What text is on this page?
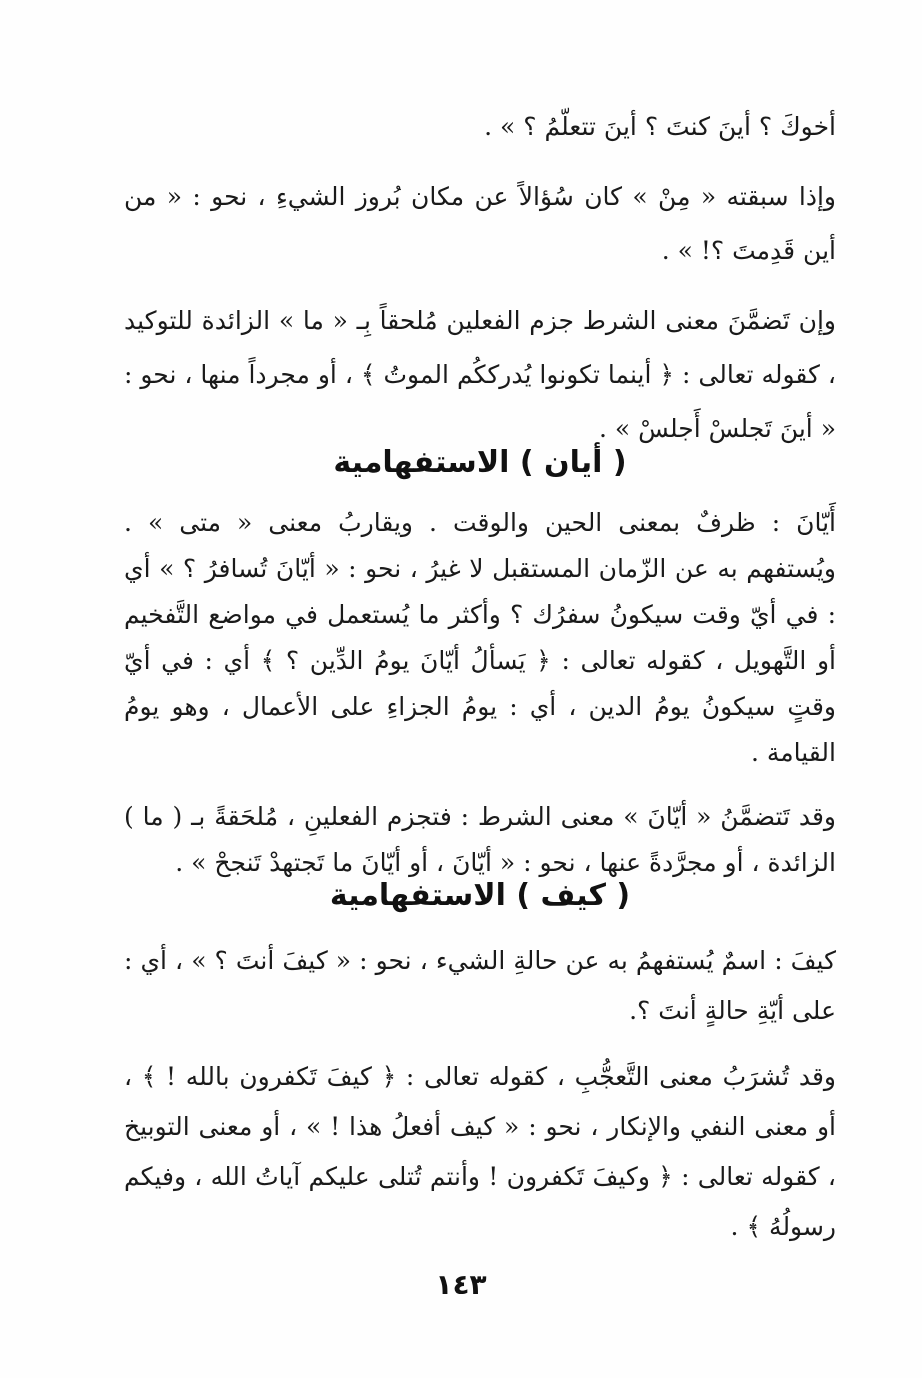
أخوكَ ؟ أينَ كنتَ ؟ أينَ تتعلّمُ ؟ » .

وإذا سبقته « مِنْ » كان سُؤالاً عن مكان بُروز الشيءِ ، نحو : « من أين قَدِمتَ ؟! » .

وإن تَضمَّنَ معنى الشرط جزم الفعلين مُلحقاً بِـ « ما » الزائدة للتوكيد ، كقوله تعالى : ﴿ أينما تكونوا يُدرككُم الموتُ ﴾ ، أو مجرداً منها ، نحو : « أينَ تَجلسْ أَجلسْ » .

( أيان ) الاستفهامية

أَيّانَ : ظرفٌ بمعنى الحين والوقت . ويقاربُ معنى « متى » . ويُستفهم به عن الزّمان المستقبل لا غيرُ ، نحو : « أيّانَ تُسافرُ ؟ » أي : في أيّ وقت سيكونُ سفرُك ؟ وأكثر ما يُستعمل في مواضع التَّفخيم أو التَّهويل ، كقوله تعالى : ﴿ يَسألُ أيّانَ يومُ الدِّين ؟ ﴾ أي : في أيّ وقتٍ سيكونُ يومُ الدين ، أي : يومُ الجزاءِ على الأعمال ، وهو يومُ القيامة .

وقد تَتضمَّنُ « أيّانَ » معنى الشرط : فتجزم الفعلينِ ، مُلحَقةً بـ ( ما ) الزائدة ، أو مجرَّدةً عنها ، نحو : « أيّانَ ، أو أيّانَ ما تَجتهدْ تَنجحْ » .

( كيف ) الاستفهامية

كيفَ : اسمٌ يُستفهمُ به عن حالةِ الشيء ، نحو : « كيفَ أنتَ ؟ » ، أي : على أيّةِ حالةٍ أنتَ ؟.

وقد تُشرَبُ معنى التَّعجُّبِ ، كقوله تعالى : ﴿ كيفَ تَكفرون بالله ! ﴾ ، أو معنى النفي والإنكار ، نحو : « كيف أفعلُ هذا ! » ، أو معنى التوبيخ ، كقوله تعالى : ﴿ وكيفَ تَكفرون ! وأنتم تُتلى عليكم آياتُ الله ، وفيكم رسولُهُ ﴾ .

١٤٣
